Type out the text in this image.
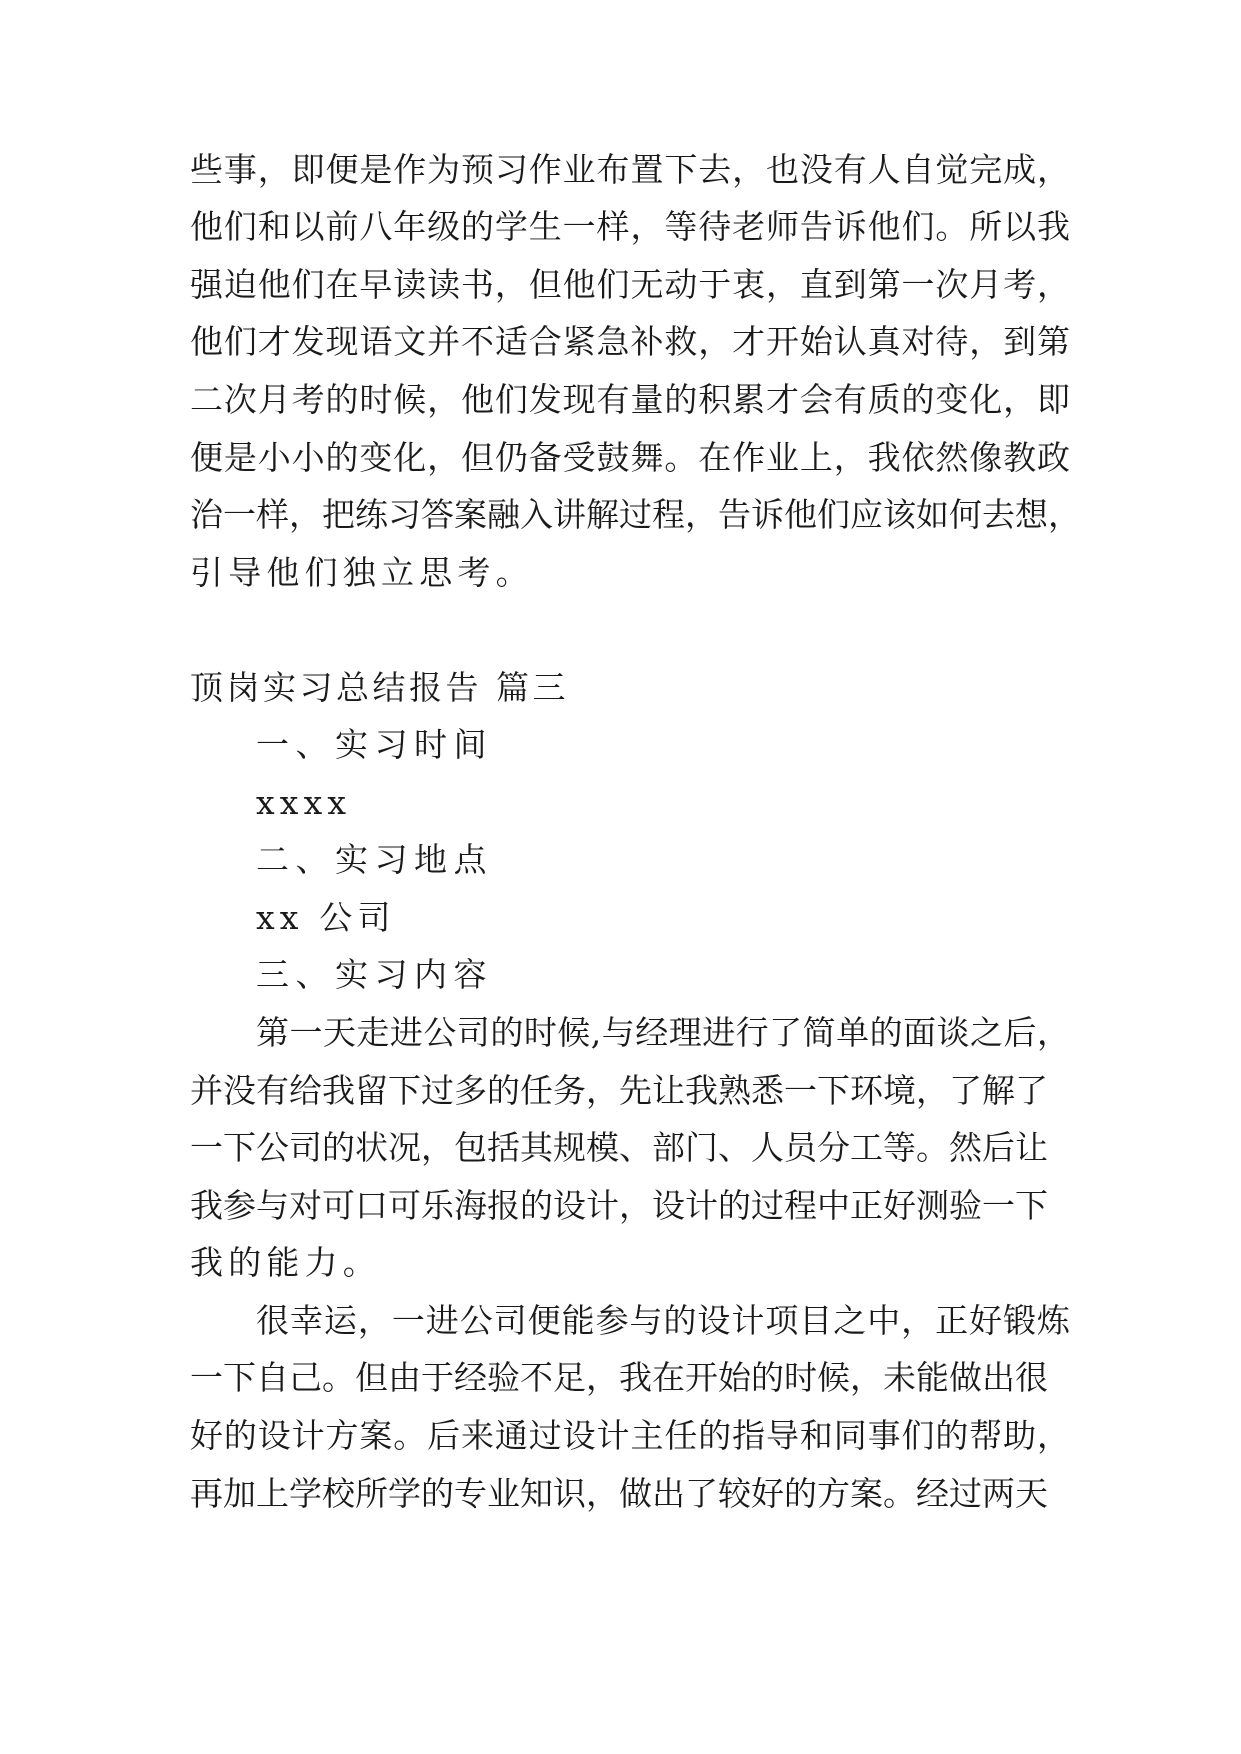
些事，即便是作为预习作业布置下去，也没有人自觉完成，
他们和以前八年级的学生一样，等待老师告诉他们。所以我
强迫他们在早读读书，但他们无动于衷，直到第一次月考，
他们才发现语文并不适合紧急补救，才开始认真对待，到第
二次月考的时候，他们发现有量的积累才会有质的变化，即
便是小小的变化，但仍备受鼓舞。在作业上，我依然像教政
治一样，把练习答案融入讲解过程，告诉他们应该如何去想，
引导他们独立思考。
顶岗实习总结报告 篇三
一、实习时间
xxxx
二、实习地点
xx 公司
三、实习内容
第一天走进公司的时候,与经理进行了简单的面谈之后，
并没有给我留下过多的任务，先让我熟悉一下环境，了解了
一下公司的状况，包括其规模、部门、人员分工等。然后让
我参与对可口可乐海报的设计，设计的过程中正好测验一下
我的能力。
很幸运，一进公司便能参与的设计项目之中，正好锻炼
一下自己。但由于经验不足，我在开始的时候，未能做出很
好的设计方案。后来通过设计主任的指导和同事们的帮助，
再加上学校所学的专业知识，做出了较好的方案。经过两天
